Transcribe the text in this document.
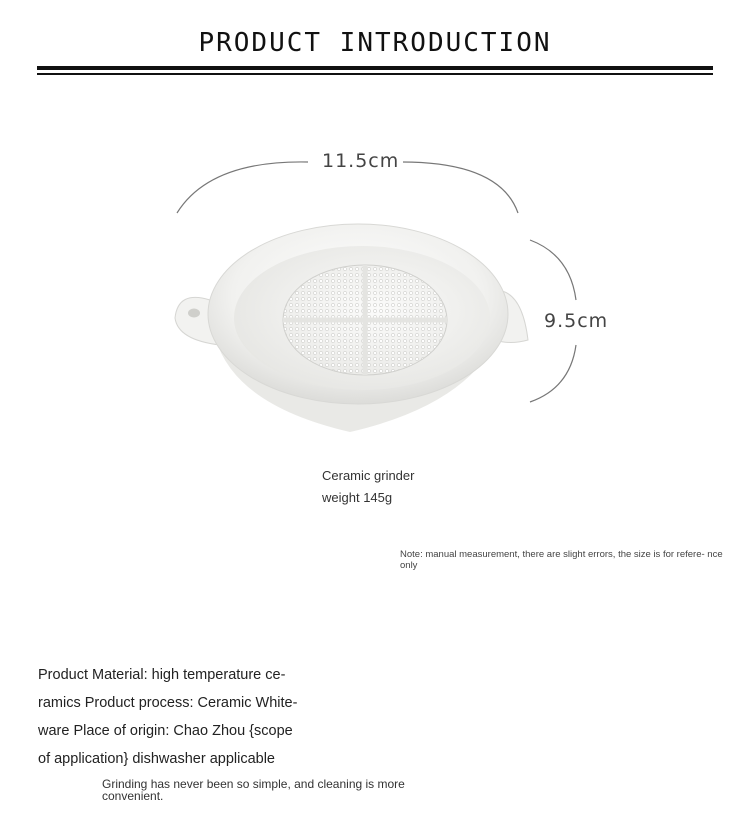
PRODUCT INTRODUCTION
11.5cm
9.5cm
Ceramic grinder
weight 145g
Note: manual measurement, there are slight errors, the size is for refere- nce only
Product Material: high temperature ce-
ramics Product process: Ceramic White-
ware Place of origin: Chao Zhou {scope
of application} dishwasher applicable
Grinding has never been so simple, and cleaning is more convenient.
